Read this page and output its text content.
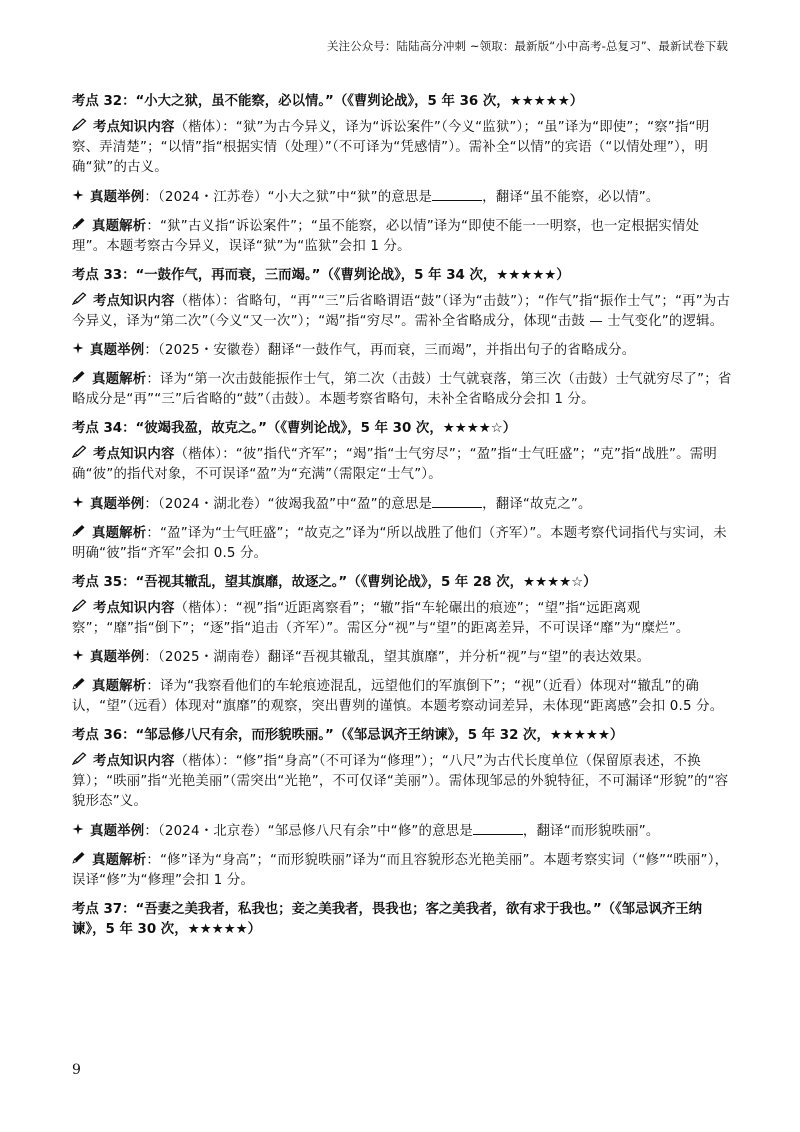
关注公众号：陆陆高分冲刺 ~领取：最新版“小中高考-总复习”、最新试卷下载
考点 32：“小大之狱，虽不能察，必以情。”（《曹刿论战》，5 年 36 次，★★★★★）
考点知识内容（楷体）：“狱”为古今异义，译为“诉讼案件”（今义“监狱”）；“虽”译为“即使”；“察”指“明察、弄清楚”；“以情”指“根据实情（处理）”（不可译为“凭感情”）。需补全“以情”的宾语（“以情处理”），明确“狱”的古义。
真题举例：（2024・江苏卷）“小大之狱”中“狱”的意思是	，翻译“虽不能察，必以情”。
真题解析：“狱”古义指“诉讼案件”；“虽不能察，必以情”译为“即使不能一一明察，也一定根据实情处理”。本题考察古今异义，误译“狱”为“监狱”会扣 1 分。
考点 33：“一鼓作气，再而衰，三而竭。”（《曹刿论战》，5 年 34 次，★★★★★）
考点知识内容（楷体）：省略句，“再”“三”后省略谓语“鼓”（译为“击鼓”）；“作气”指“振作士气”；“再”为古今异义，译为“第二次”（今义“又一次”）；“竭”指“穷尽”。需补全省略成分，体现“击鼓 — 士气变化”的逻辑。
真题举例：（2025・安徽卷）翻译“一鼓作气，再而衰，三而竭”，并指出句子的省略成分。
真题解析：译为“第一次击鼓能振作士气，第二次（击鼓）士气就衰落，第三次（击鼓）士气就穷尽了”；省略成分是“再”“三”后省略的“鼓”（击鼓）。本题考察省略句，未补全省略成分会扣 1 分。
考点 34：“彼竭我盈，故克之。”（《曹刿论战》，5 年 30 次，★★★★☆）
考点知识内容（楷体）：“彼”指代“齐军”；“竭”指“士气穷尽”；“盈”指“士气旺盛”；“克”指“战胜”。需明确“彼”的指代对象，不可误译“盈”为“充满”（需限定“士气”）。
真题举例：（2024・湖北卷）“彼竭我盈”中“盈”的意思是	，翻译“故克之”。
真题解析：“盈”译为“士气旺盛”；“故克之”译为“所以战胜了他们（齐军）”。本题考察代词指代与实词，未明确“彼”指“齐军”会扣 0.5 分。
考点 35：“吾视其辙乱，望其旗靡，故逐之。”（《曹刿论战》，5 年 28 次，★★★★☆）
考点知识内容（楷体）：“视”指“近距离察看”；“辙”指“车轮碾出的痕迹”；“望”指“远距离观察”；“靡”指“倒下”；“逐”指“追击（齐军）”。需区分“视”与“望”的距离差异，不可误译“靡”为“糜烂”。
真题举例：（2025・湖南卷）翻译“吾视其辙乱，望其旗靡”，并分析“视”与“望”的表达效果。
真题解析：译为“我察看他们的车轮痕迹混乱，远望他们的军旗倒下”；“视”（近看）体现对“辙乱”的确认，“望”（远看）体现对“旗靡”的观察，突出曹刿的谨慎。本题考察动词差异，未体现“距离感”会扣 0.5 分。
考点 36：“邹忌修八尺有余，而形貌昳丽。”（《邹忌讽齐王纳谏》，5 年 32 次，★★★★★）
考点知识内容（楷体）：“修”指“身高”（不可译为“修理”）；“八尺”为古代长度单位（保留原表述，不换算）；“昳丽”指“光艳美丽”（需突出“光艳”，不可仅译“美丽”）。需体现邹忌的外貌特征，不可漏译“形貌”的“容貌形态”义。
真题举例：（2024・北京卷）“邹忌修八尺有余”中“修”的意思是	，翻译“而形貌昳丽”。
真题解析：“修”译为“身高”；“而形貌昳丽”译为“而且容貌形态光艳美丽”。本题考察实词（“修”“昳丽”），误译“修”为“修理”会扣 1 分。
考点 37：“吾妻之美我者，私我也；妾之美我者，畏我也；客之美我者，欲有求于我也。”（《邹忌讽齐王纳谏》，5 年 30 次，★★★★★）
9
